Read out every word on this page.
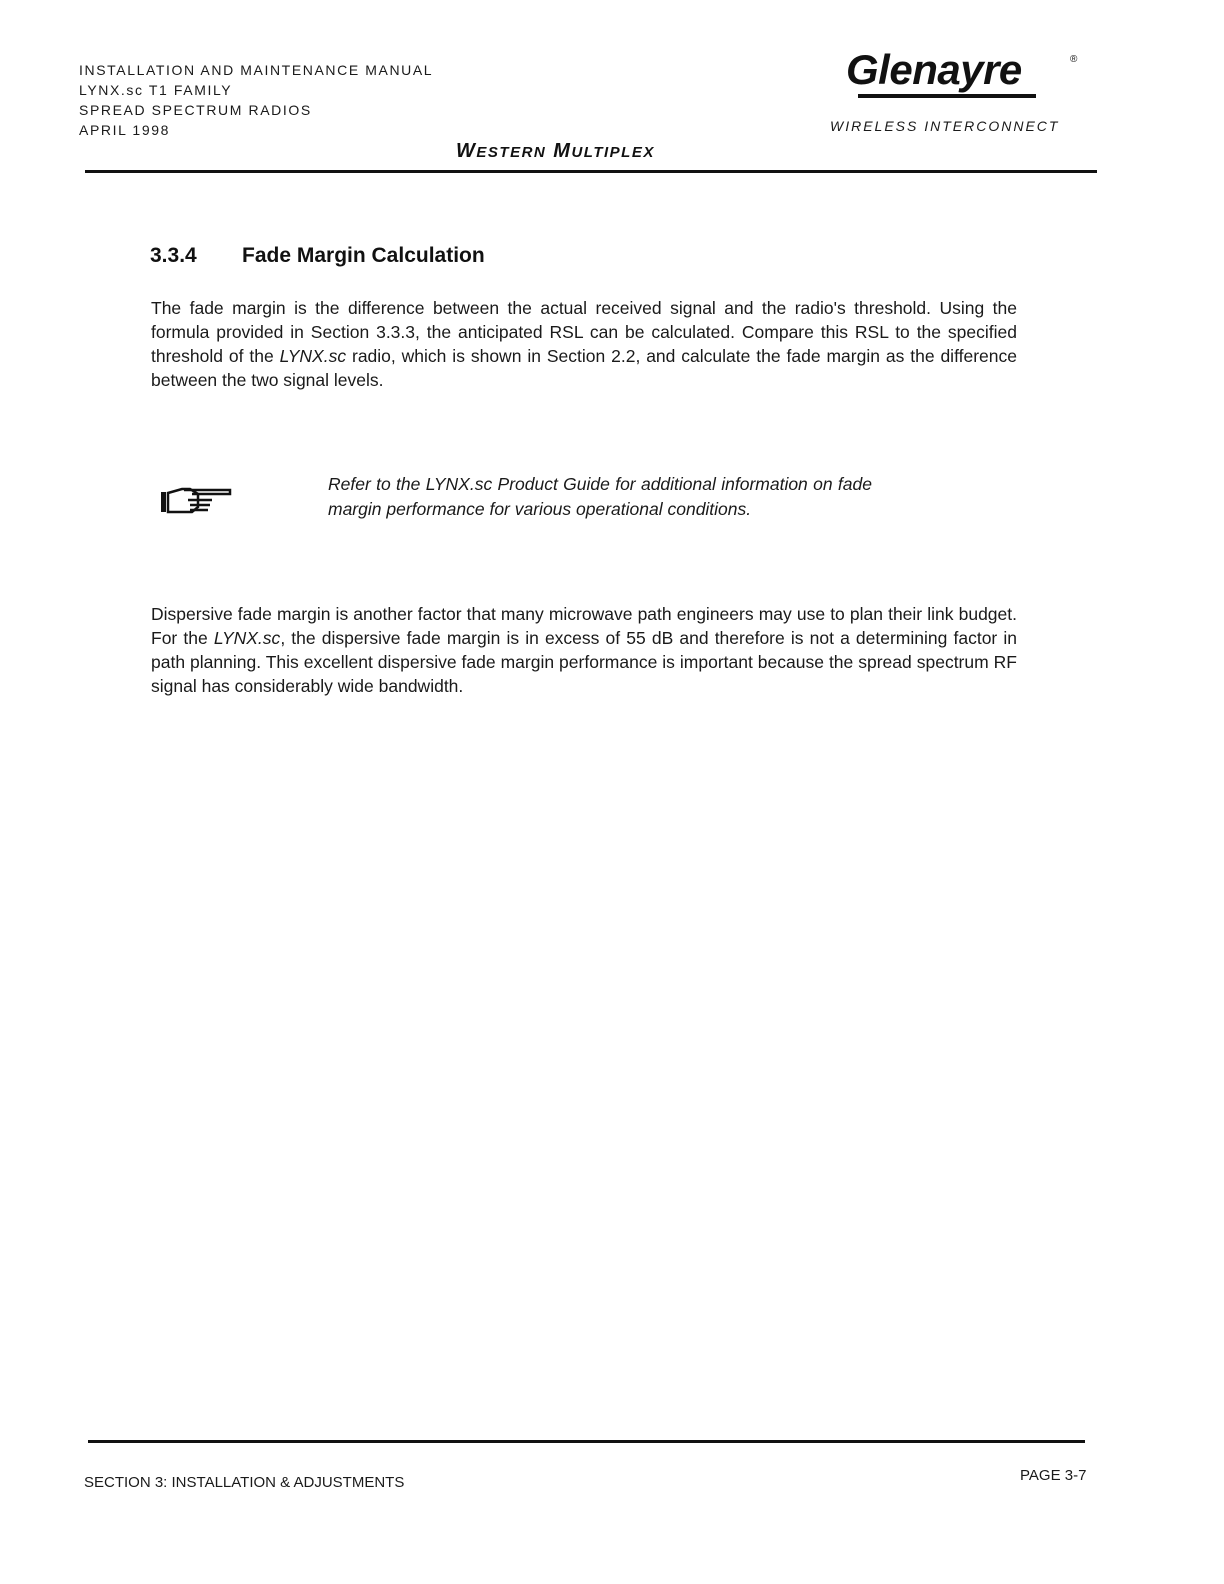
INSTALLATION AND MAINTENANCE MANUAL
LYNX.sc T1 FAMILY
SPREAD SPECTRUM RADIOS
APRIL 1998
Glenayre	®
WIRELESS INTERCONNECT
WESTERN MULTIPLEX
3.3.4 Fade Margin Calculation
The fade margin is the difference between the actual received signal and the radio's threshold. Using the formula provided in Section 3.3.3, the anticipated RSL can be calculated. Compare this RSL to the specified threshold of the LYNX.sc radio, which is shown in Section 2.2, and calculate the fade margin as the difference between the two signal levels.
Refer to the LYNX.sc Product Guide for additional information on fade margin performance for various operational conditions.
Dispersive fade margin is another factor that many microwave path engineers may use to plan their link budget. For the LYNX.sc, the dispersive fade margin is in excess of 55 dB and therefore is not a determining factor in path planning. This excellent dispersive fade margin performance is important because the spread spectrum RF signal has considerably wide bandwidth.
SECTION 3: INSTALLATION & ADJUSTMENTS	PAGE 3-7
